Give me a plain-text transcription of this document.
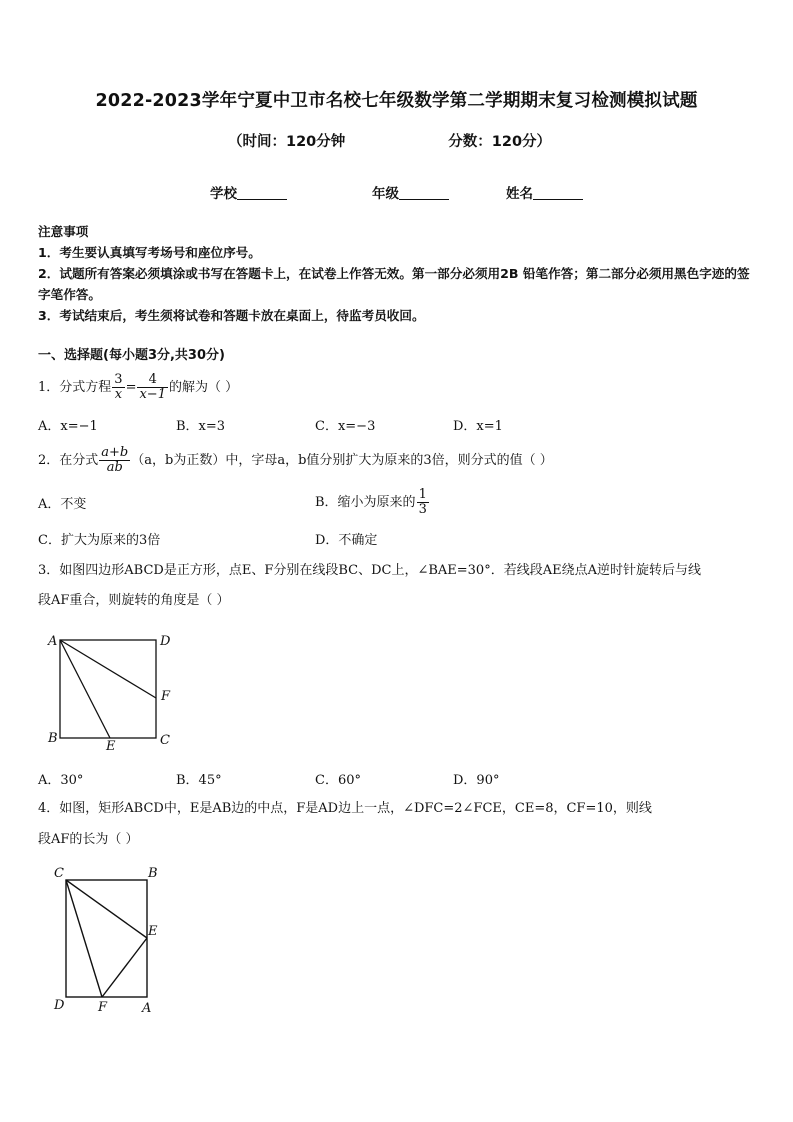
2022-2023学年宁夏中卫市名校七年级数学第二学期期末复习检测模拟试题
（时间：120分钟	分数：120分）
学校	年级	姓名
注意事项
1．考生要认真填写考场号和座位序号。
2．试题所有答案必须填涂或书写在答题卡上，在试卷上作答无效。第一部分必须用2B 铅笔作答；第二部分必须用黑色字迹的签字笔作答。
3．考试结束后，考生须将试卷和答题卡放在桌面上，待监考员收回。
一、选择题(每小题3分,共30分)
1．分式方程 $\frac{3}{x} = \frac{4}{x-1}$ 的解为（ ）
A．x=−1	B．x=3	C．x=−3	D．x=1
2．在分式 $\frac{a+b}{ab} (a$，b为正数）中，字母a，b值分别扩大为原来的3倍，则分式的值（ ）
A．不变	B．缩小为原来的 $\frac{1}{3}$
C．扩大为原来的3倍	D．不确定
3．如图四边形ABCD是正方形，点E、F分别在线段BC、DC上，∠BAE=30°．若线段AE绕点A逆时针旋转后与线
段AF重合，则旋转的角度是（ ）
A	D
F
B
E	C
A．30°	B．45°	C．60°	D．90°
4．如图，矩形ABCD中，E是AB边的中点，F是AD边上一点，∠DFC=2∠FCE，CE=8，CF=10，则线
段AF的长为（ ）
C	B
E
D	F	A
